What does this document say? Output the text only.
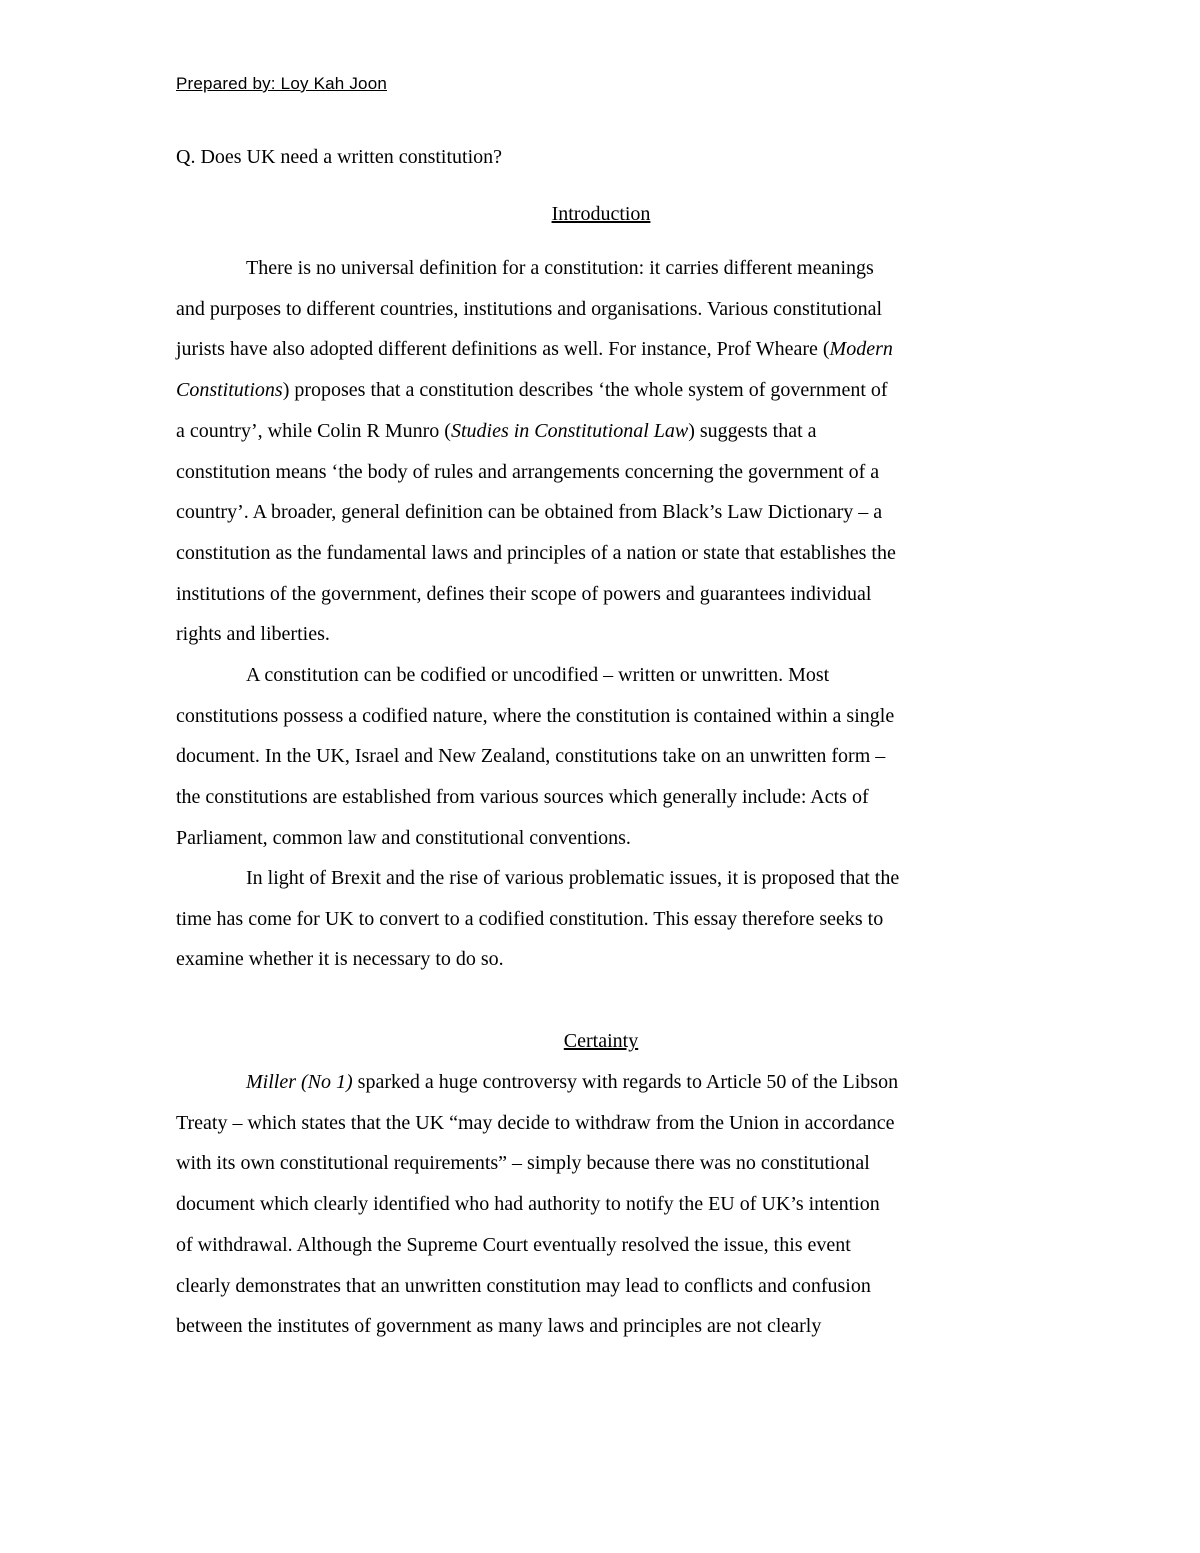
Prepared by: Loy Kah Joon
Q. Does UK need a written constitution?
Introduction
There is no universal definition for a constitution: it carries different meanings
and purposes to different countries, institutions and organisations. Various constitutional
jurists have also adopted different definitions as well. For instance, Prof Wheare (Modern
Constitutions) proposes that a constitution describes ‘the whole system of government of
a country’, while Colin R Munro (Studies in Constitutional Law) suggests that a
constitution means ‘the body of rules and arrangements concerning the government of a
country’. A broader, general definition can be obtained from Black’s Law Dictionary – a
constitution as the fundamental laws and principles of a nation or state that establishes the
institutions of the government, defines their scope of powers and guarantees individual
rights and liberties.
A constitution can be codified or uncodified – written or unwritten. Most
constitutions possess a codified nature, where the constitution is contained within a single
document. In the UK, Israel and New Zealand, constitutions take on an unwritten form –
the constitutions are established from various sources which generally include: Acts of
Parliament, common law and constitutional conventions.
In light of Brexit and the rise of various problematic issues, it is proposed that the
time has come for UK to convert to a codified constitution. This essay therefore seeks to
examine whether it is necessary to do so.
Certainty
Miller (No 1) sparked a huge controversy with regards to Article 50 of the Libson
Treaty – which states that the UK “may decide to withdraw from the Union in accordance
with its own constitutional requirements” – simply because there was no constitutional
document which clearly identified who had authority to notify the EU of UK’s intention
of withdrawal. Although the Supreme Court eventually resolved the issue, this event
clearly demonstrates that an unwritten constitution may lead to conflicts and confusion
between the institutes of government as many laws and principles are not clearly
